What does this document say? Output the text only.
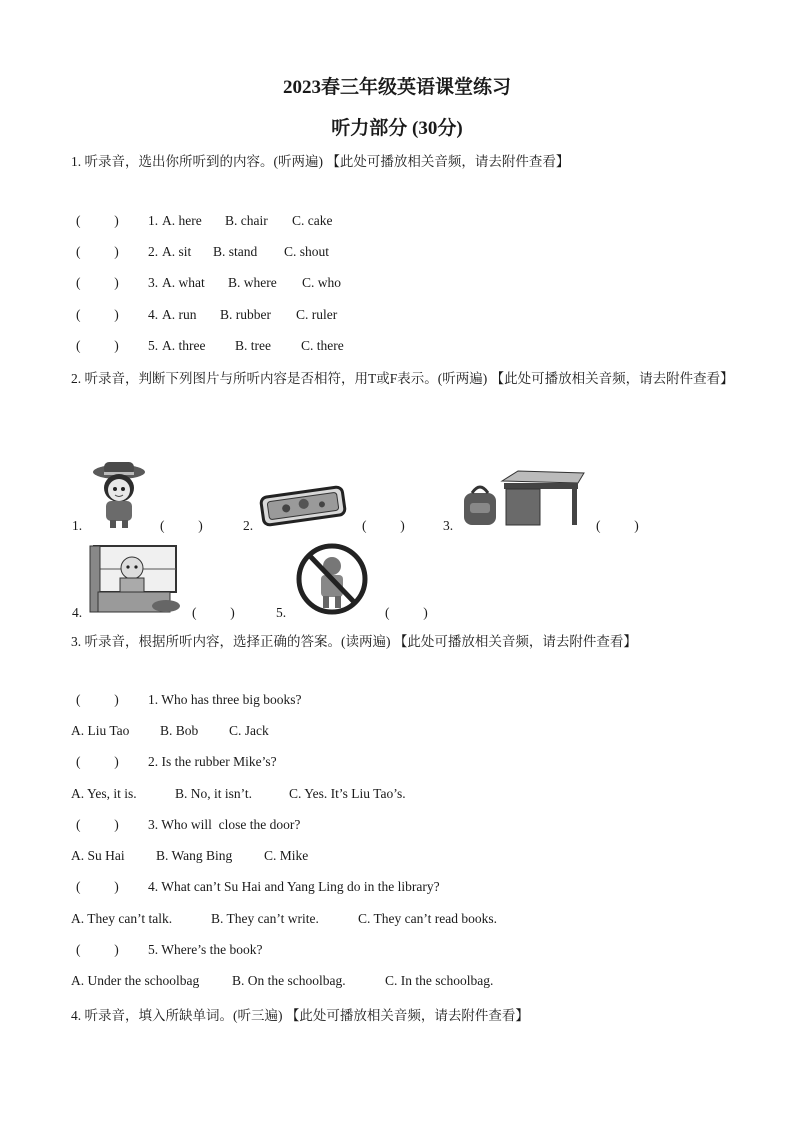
2023春三年级英语课堂练习
听力部分 (30分)
1. 听录音，选出你所听到的内容。(听两遍) 【此处可播放相关音频，请去附件查看】
(          ) 1. A. here B. chair C. cake
(          ) 2. A. sit B. stand C. shout
(          ) 3. A. what B. where C. who
(          ) 4. A. run B. rubber C. ruler
(          ) 5. A. three B. tree C. there
2. 听录音，判断下列图片与所听内容是否相符，用T或F表示。(听两遍) 【此处可播放相关音频，请去附件查看】
1.	(          )	2.	(          )	3.	(          )
4.	(          )	5.	(          )
3. 听录音，根据所听内容，选择正确的答案。(读两遍) 【此处可播放相关音频，请去附件查看】
(          ) 1. Who has three big books?
A. Liu Tao B. Bob C. Jack
(          ) 2. Is the rubber Mike’s?
A. Yes, it is.	B. No, it isn’t.	C. Yes. It’s Liu Tao’s.
(          ) 3. Who will  close the door?
A. Su Hai B. Wang Bing C. Mike
(          ) 4. What can’t Su Hai and Yang Ling do in the library?
A. They can’t talk.	B. They can’t write.	C. They can’t read books.
(          ) 5. Where’s the book?
A. Under the schoolbag B. On the schoolbag.	C. In the schoolbag.
4. 听录音，填入所缺单词。(听三遍) 【此处可播放相关音频，请去附件查看】
